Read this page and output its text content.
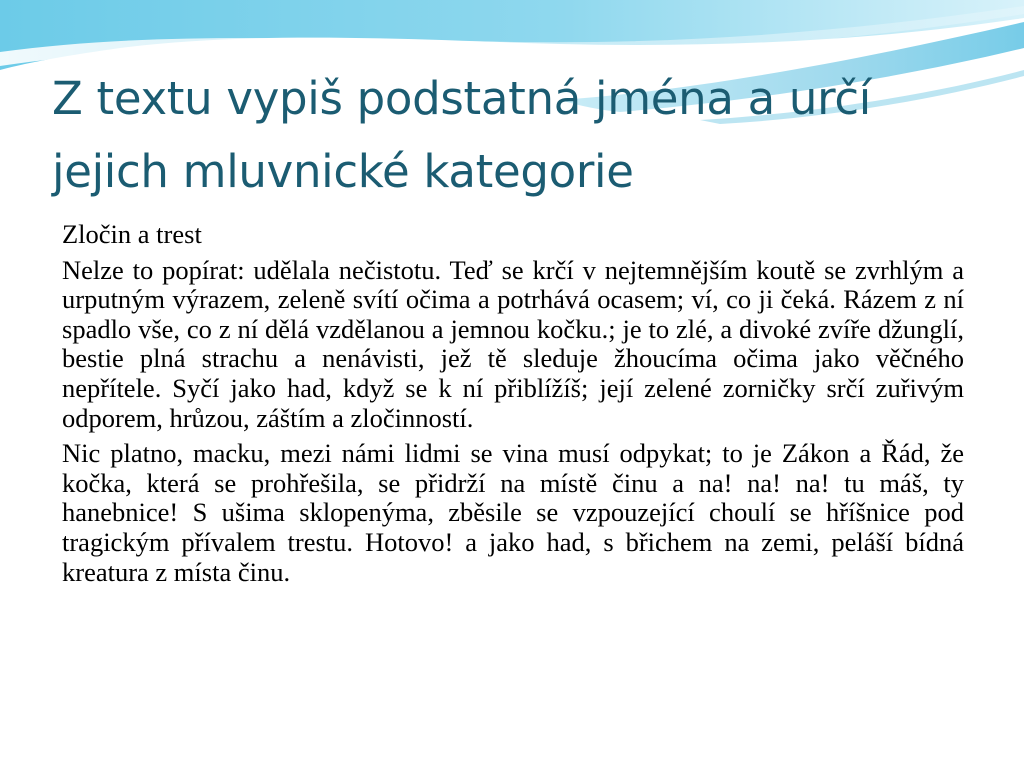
Z textu vypiš podstatná jména a určí jejich mluvnické kategorie

Zločin a trest

Nelze to popírat: udělala nečistotu. Teď se krčí v nejtemnějším koutě se zvrhlým a urputným výrazem, zeleně svítí očima a potrhává ocasem; ví, co ji čeká. Rázem z ní spadlo vše, co z ní dělá vzdělanou a jemnou kočku.; je to zlé, a divoké zvíře džunglí, bestie plná strachu a nenávisti, jež tě sleduje žhoucíma očima jako věčného nepřítele. Syčí jako had, když se k ní přiblížíš; její zelené zorničky srčí zuřivým odporem, hrůzou, záštím a zločinností.

Nic platno, macku, mezi námi lidmi se vina musí odpykat; to je Zákon a Řád, že kočka, která se prohřešila, se přidrží na místě činu a na! na! na! tu máš, ty hanebnice! S ušima sklopenýma, zběsile se vzpouzející choulí se hříšnice pod tragickým přívalem trestu. Hotovo! a jako had, s břichem na zemi, peláší bídná kreatura z místa činu.
